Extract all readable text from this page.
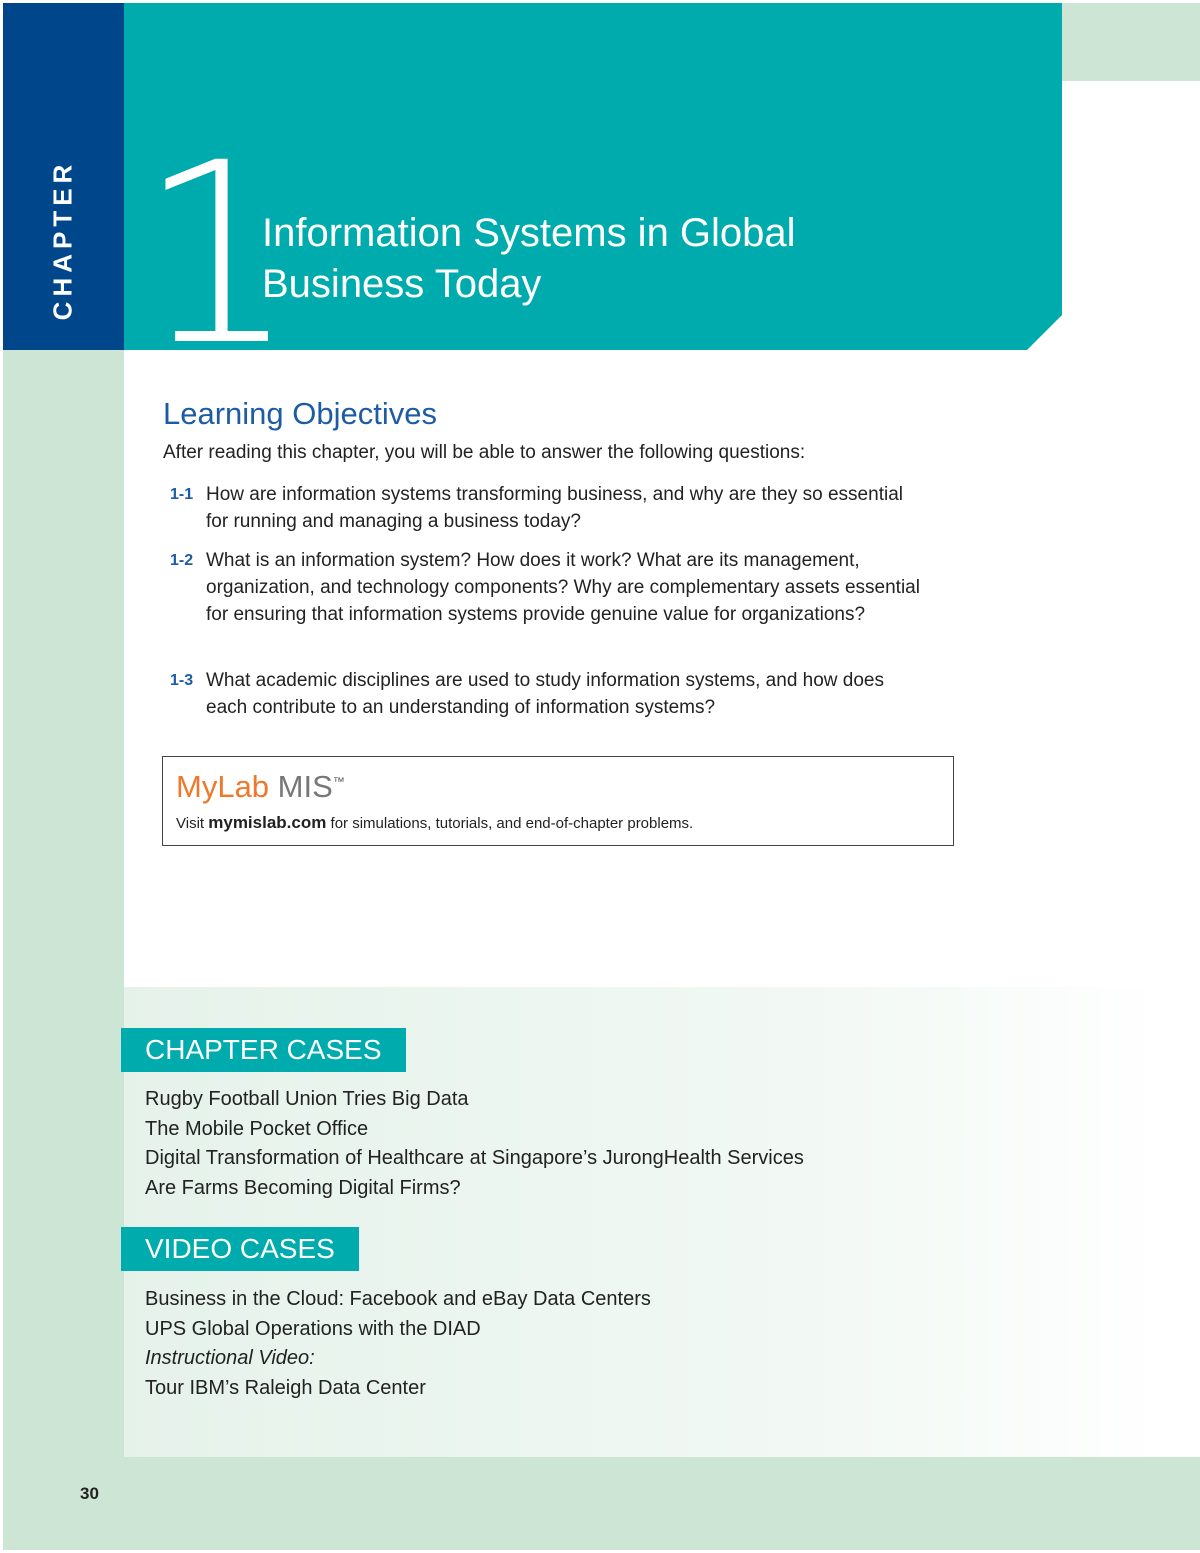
CHAPTER 1
Information Systems in Global
Business Today
Learning Objectives
After reading this chapter, you will be able to answer the following questions:
1-1 How are information systems transforming business, and why are they so essential for running and managing a business today?
1-2 What is an information system? How does it work? What are its management, organization, and technology components? Why are complementary assets essential for ensuring that information systems provide genuine value for organizations?
1-3 What academic disciplines are used to study information systems, and how does each contribute to an understanding of information systems?
MyLab MIS™
Visit mymislab.com for simulations, tutorials, and end-of-chapter problems.
CHAPTER CASES
Rugby Football Union Tries Big Data
The Mobile Pocket Office
Digital Transformation of Healthcare at Singapore’s JurongHealth Services
Are Farms Becoming Digital Firms?
VIDEO CASES
Business in the Cloud: Facebook and eBay Data Centers
UPS Global Operations with the DIAD
Instructional Video:
Tour IBM’s Raleigh Data Center
30
